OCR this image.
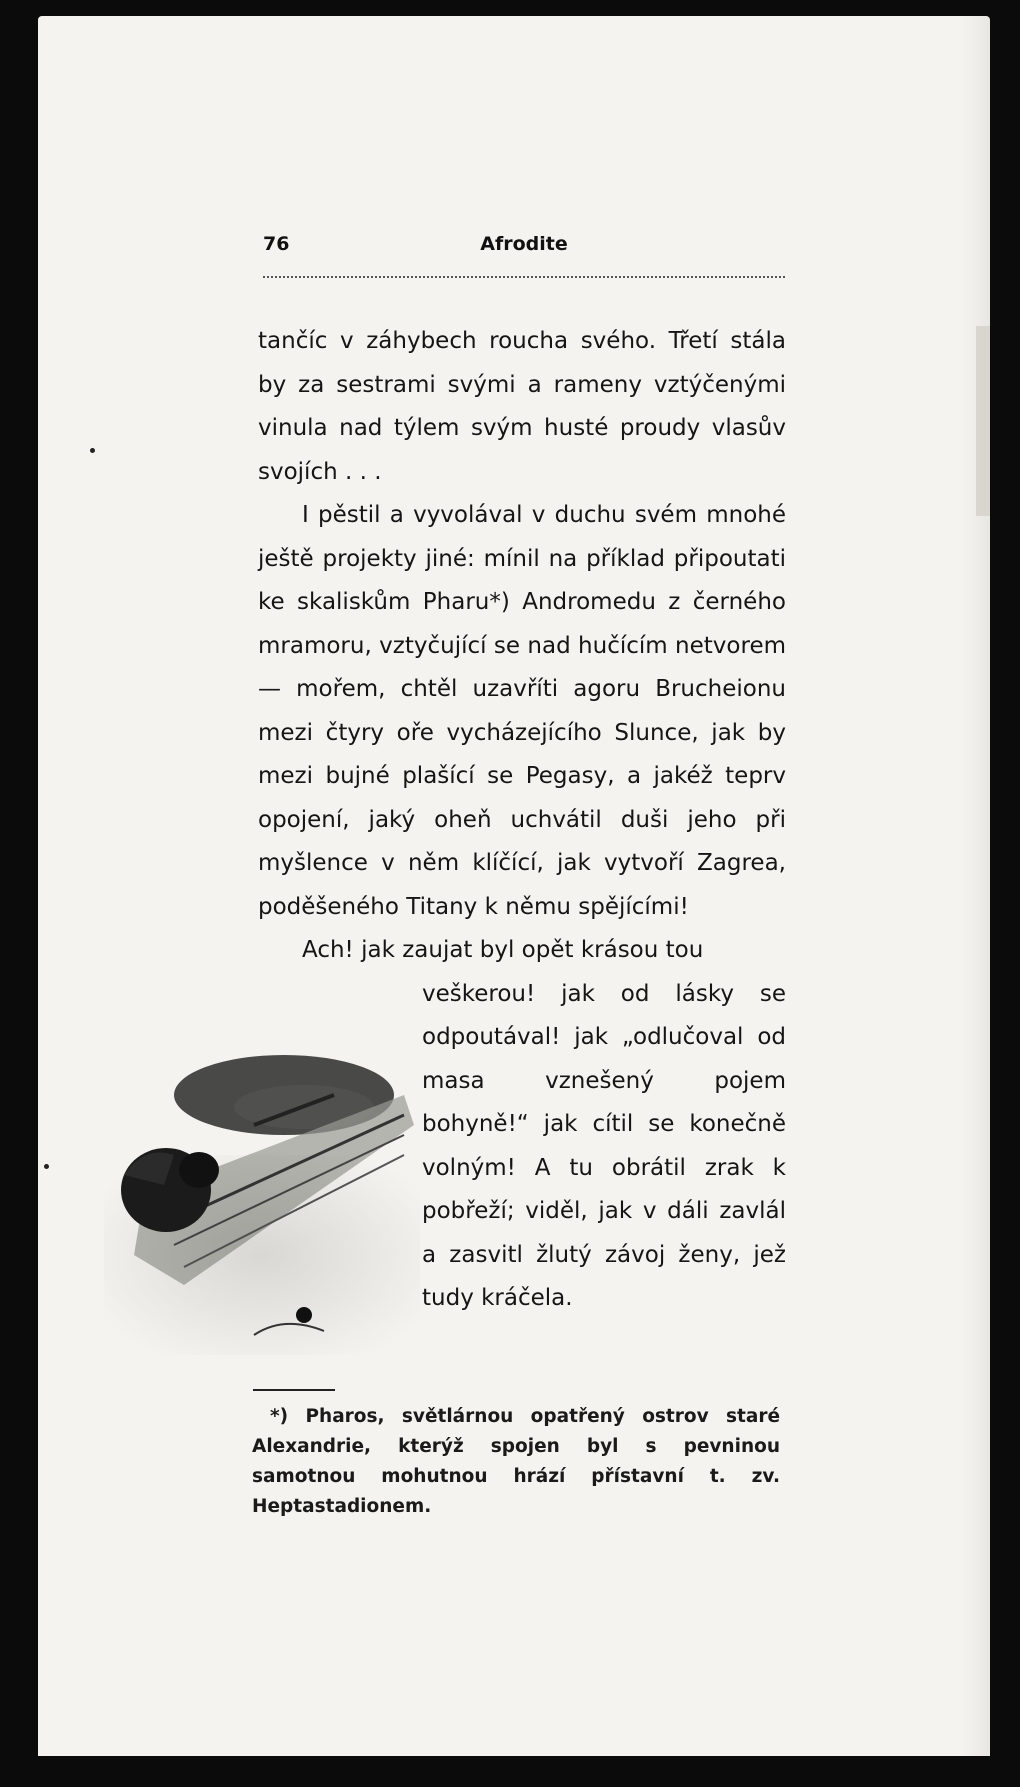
76	Afrodite

tančíc v záhybech roucha svého. Třetí stála by za sestrami svými a rameny vztýčenými vinula nad týlem svým husté proudy vlasův svojích . . .

I pěstil a vyvolával v duchu svém mnohé ještě projekty jiné: mínil na příklad připoutati ke skaliskům Pharu*) Andromedu z černého mramoru, vztyčující se nad hučícím netvorem — mořem, chtěl uzavříti agoru Brucheionu mezi čtyry oře vycházejícího Slunce, jak by mezi bujné plašící se Pegasy, a jakéž teprv opojení, jaký oheň uchvátil duši jeho při myšlence v něm klíčící, jak vytvoří Zagrea, poděšeného Titany k němu spějícími!

Ach! jak zaujat byl opět krásou tou

veškerou! jak od lásky se odpoutával! jak „odlučoval od masa vznešený pojem bohyně!“ jak cítil se konečně volným! A tu obrátil zrak k pobřeží; viděl, jak v dáli zavlál a zasvitl žlutý závoj ženy, jež tudy kráčela.

*) Pharos, světlárnou opatřený ostrov staré Alexandrie, kterýž spojen byl s pevninou samotnou mohutnou hrází přístavní t. zv. Heptastadionem.
